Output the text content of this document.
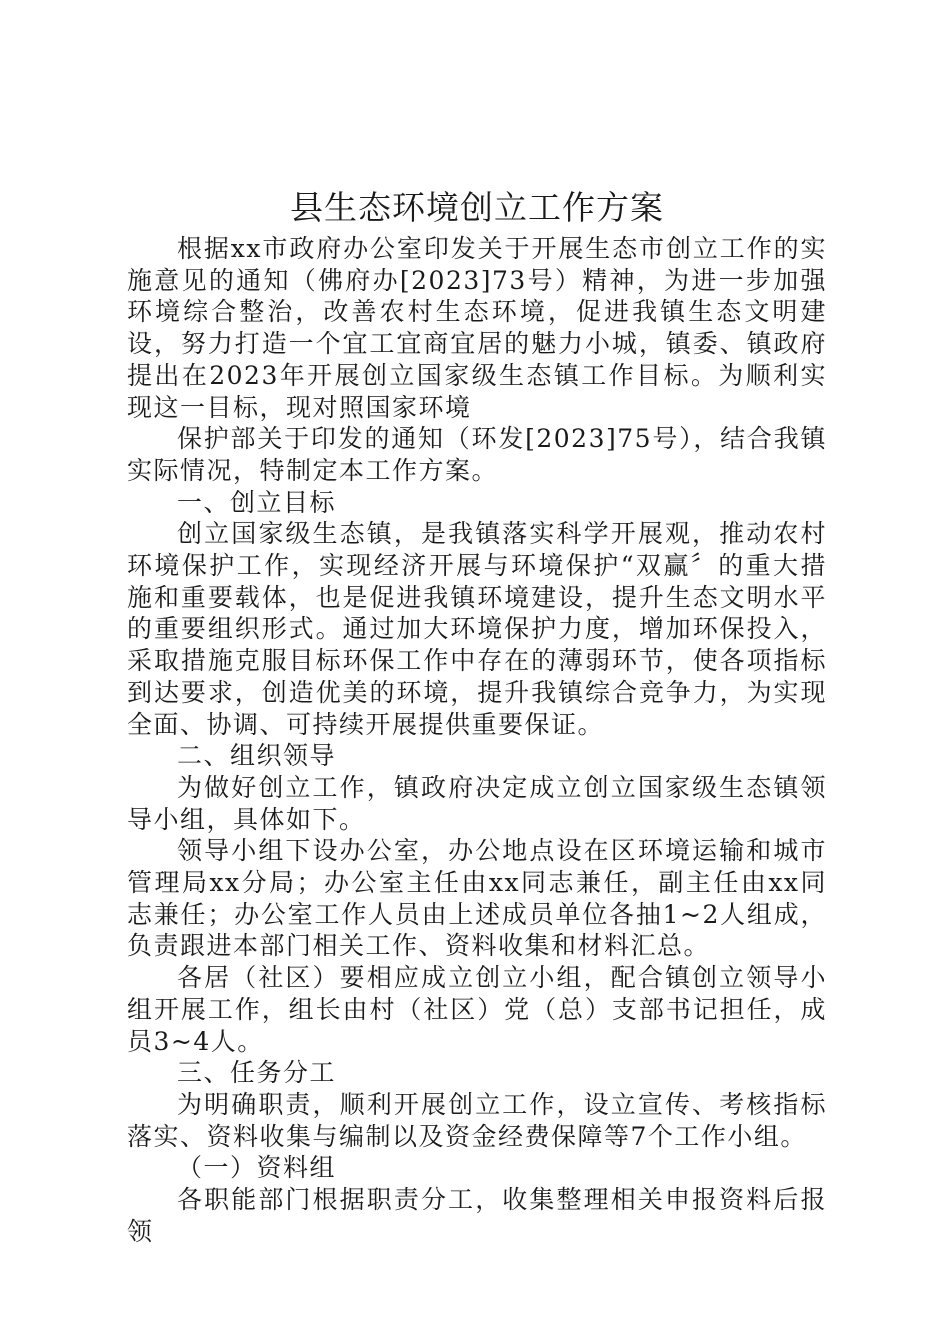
县生态环境创立工作方案

根据xx市政府办公室印发关于开展生态市创立工作的实施意见的通知（佛府办[2023]73号）精神，为进一步加强环境综合整治，改善农村生态环境，促进我镇生态文明建设，努力打造一个宜工宜商宜居的魅力小城，镇委、镇政府提出在2023年开展创立国家级生态镇工作目标。为顺利实现这一目标，现对照国家环境

保护部关于印发的通知（环发[2023]75号），结合我镇实际情况，特制定本工作方案。

一、创立目标

创立国家级生态镇，是我镇落实科学开展观，推动农村环境保护工作，实现经济开展与环境保护“双赢〞的重大措施和重要载体，也是促进我镇环境建设，提升生态文明水平的重要组织形式。通过加大环境保护力度，增加环保投入，采取措施克服目标环保工作中存在的薄弱环节，使各项指标到达要求，创造优美的环境，提升我镇综合竞争力，为实现全面、协调、可持续开展提供重要保证。

二、组织领导

为做好创立工作，镇政府决定成立创立国家级生态镇领导小组，具体如下。

领导小组下设办公室，办公地点设在区环境运输和城市管理局xx分局；办公室主任由xx同志兼任，副主任由xx同志兼任；办公室工作人员由上述成员单位各抽1~2人组成，负责跟进本部门相关工作、资料收集和材料汇总。

各居（社区）要相应成立创立小组，配合镇创立领导小组开展工作，组长由村（社区）党（总）支部书记担任，成员3~4人。

三、任务分工

为明确职责，顺利开展创立工作，设立宣传、考核指标落实、资料收集与编制以及资金经费保障等7个工作小组。

（一）资料组

各职能部门根据职责分工，收集整理相关申报资料后报领
